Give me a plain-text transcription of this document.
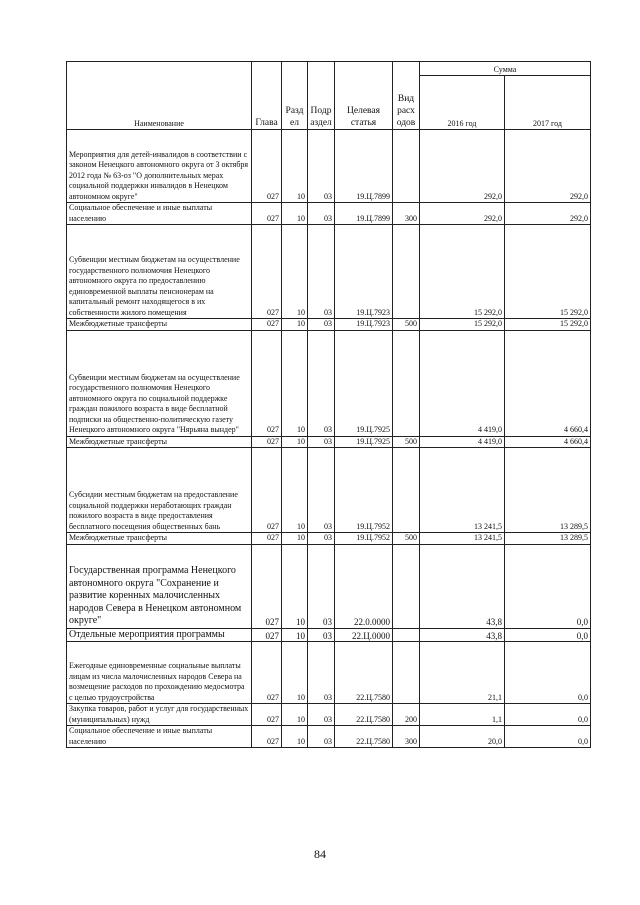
Наименование	Глава	Разд ел	Подр аздел	Целевая статья	Вид расх одов	Сумма	
						2016 год	2017 год
Мероприятия для детей-инвалидов в соответствии с законом Ненецкого автономного округа от 3 октября 2012 года № 63-оз "О дополнительных мерах социальной поддержки инвалидов в Ненецком автономном округе"	027	10	03	19.Ц.7899		292,0	292,0
Социальное обеспечение и иные выплаты населению	027	10	03	19.Ц.7899	300	292,0	292,0
Субвенции местным бюджетам на осуществление государственного полномочия Ненецкого автономного округа по предоставлению единовременной выплаты пенсионерам на капитальный ремонт находящегося в их собственности жилого помещения	027	10	03	19.Ц.7923		15 292,0	15 292,0
Межбюджетные трансферты	027	10	03	19.Ц.7923	500	15 292,0	15 292,0
Субвенции местным бюджетам на осуществление государственного полномочия Ненецкого автономного округа по социальной поддержке граждан пожилого возраста в виде бесплатной подписки на общественно-политическую газету Ненецкого автономного округа "Нярьяна вындер"	027	10	03	19.Ц.7925		4 419,0	4 660,4
Межбюджетные трансферты	027	10	03	19.Ц.7925	500	4 419,0	4 660,4
Субсидии местным бюджетам на предоставление социальной поддержки неработающих граждан пожилого возраста в виде предоставления бесплатного посещения общественных бань	027	10	03	19.Ц.7952		13 241,5	13 289,5
Межбюджетные трансферты	027	10	03	19.Ц.7952	500	13 241,5	13 289,5
Государственная программа Ненецкого автономного округа "Сохранение и развитие коренных малочисленных народов Севера в Ненецком автономном округе"	027	10	03	22.0.0000		43,8	0,0
Отдельные мероприятия программы	027	10	03	22.Ц.0000		43,8	0,0
Ежегодные единовременные социальные выплаты лицам из числа малочисленных народов Севера на возмещение расходов по прохождению медосмотра с целью трудоустройства	027	10	03	22.Ц.7580		21,1	0,0
Закупка товаров, работ и услуг для государственных (муниципальных) нужд	027	10	03	22.Ц.7580	200	1,1	0,0
Социальное обеспечение и иные выплаты населению	027	10	03	22.Ц.7580	300	20,0	0,0
84
